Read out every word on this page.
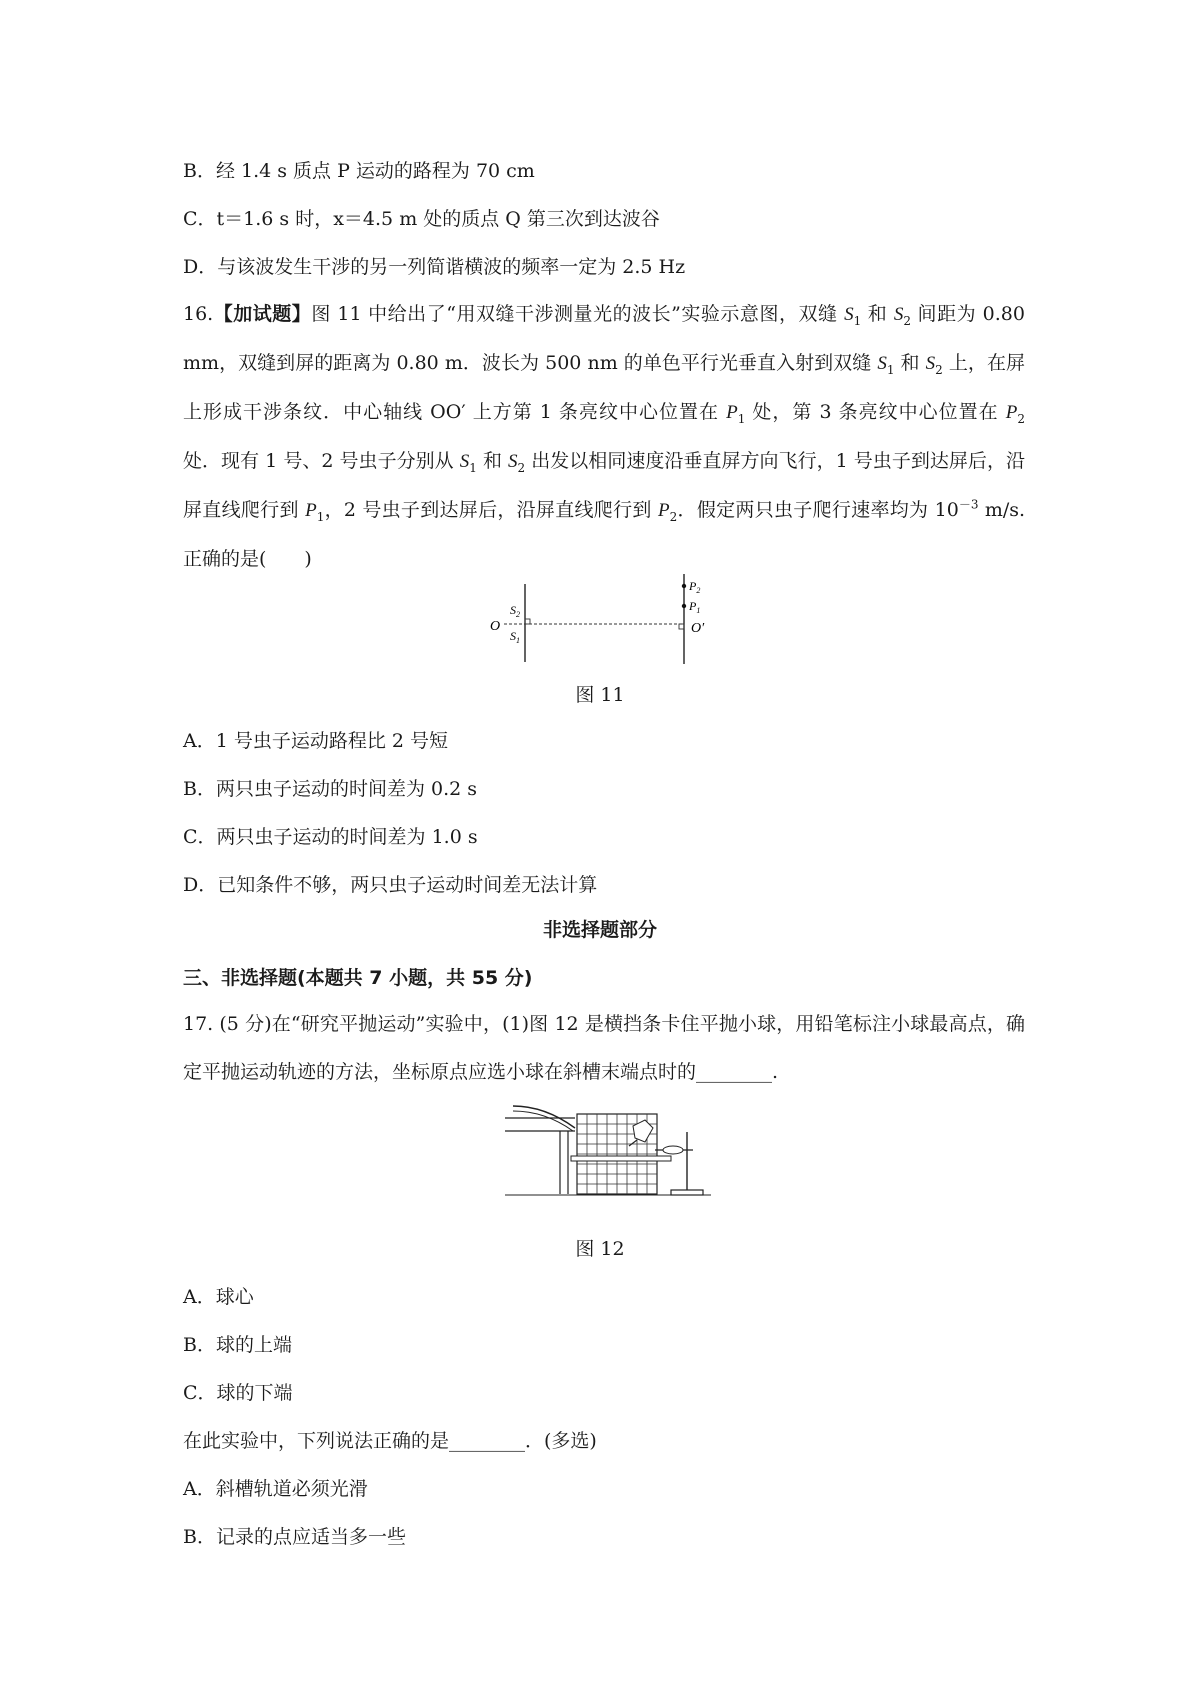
B．经 1.4 s 质点 P 运动的路程为 70 cm
C．t＝1.6 s 时，x＝4.5 m 处的质点 Q 第三次到达波谷
D．与该波发生干涉的另一列简谐横波的频率一定为 2.5 Hz
16.【加试题】图 11 中给出了“用双缝干涉测量光的波长”实验示意图，双缝 $S_1$ 和 $S_2$ 间距为 0.80 mm，双缝到屏的距离为 0.80 m．波长为 500 nm 的单色平行光垂直入射到双缝 $S_1$ 和 $S_2$ 上，在屏上形成干涉条纹．中心轴线 OO′ 上方第 1 条亮纹中心位置在 $P_1$ 处，第 3 条亮纹中心位置在 $P_2$ 处．现有 1 号、2 号虫子分别从 $S_1$ 和 $S_2$ 出发以相同速度沿垂直屏方向飞行，1 号虫子到达屏后，沿屏直线爬行到 $P_1$，2 号虫子到达屏后，沿屏直线爬行到 $P_2$．假定两只虫子爬行速率均为 $10^{-3}$ m/s.正确的是(　　)
O
$S_2$
$S_1$
$P_2$
$P_1$
O′
图 11
A．1 号虫子运动路程比 2 号短
B．两只虫子运动的时间差为 0.2 s
C．两只虫子运动的时间差为 1.0 s
D．已知条件不够，两只虫子运动时间差无法计算
非选择题部分
三、非选择题(本题共 7 小题，共 55 分)
17. (5 分)在“研究平抛运动”实验中，(1)图 12 是横挡条卡住平抛小球，用铅笔标注小球最高点，确定平抛运动轨迹的方法，坐标原点应选小球在斜槽末端点时的________.
图 12
A．球心
B．球的上端
C．球的下端
在此实验中，下列说法正确的是________．(多选)
A．斜槽轨道必须光滑
B．记录的点应适当多一些
